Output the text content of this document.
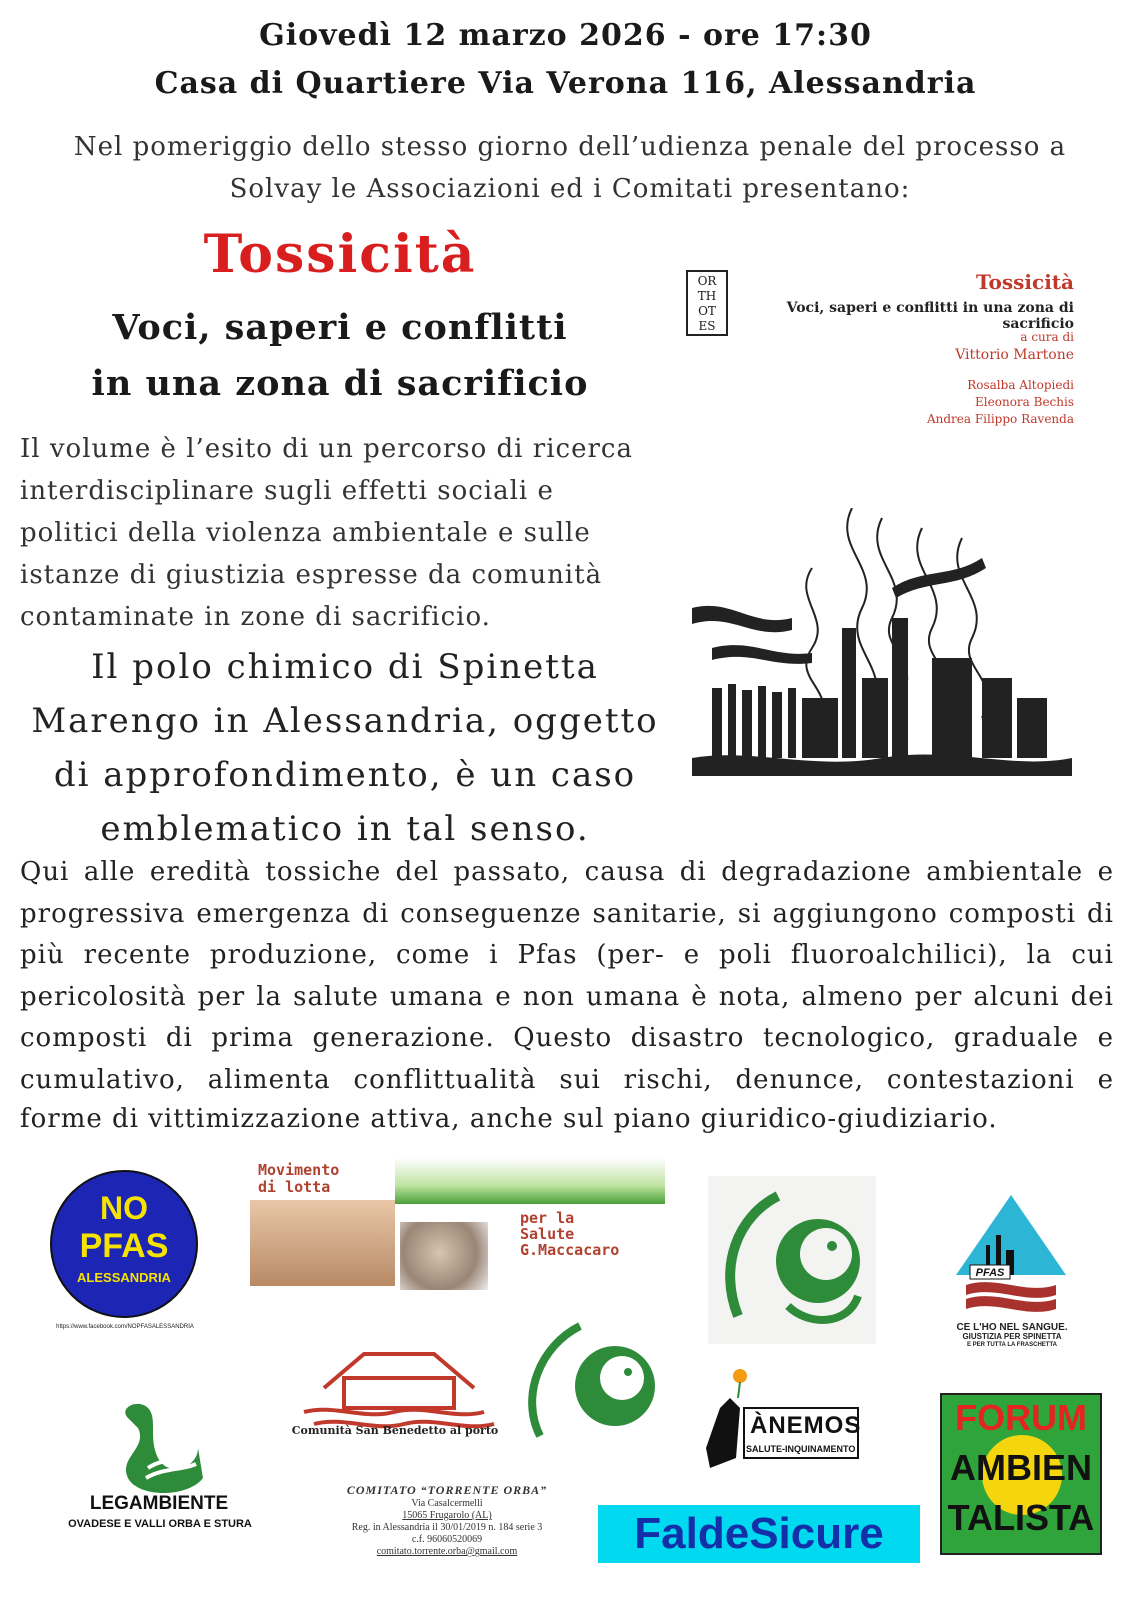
Giovedì 12 marzo 2026 - ore 17:30
Casa di Quartiere Via Verona 116, Alessandria
Nel pomeriggio dello stesso giorno dell’udienza penale del processo a Solvay le Associazioni ed i Comitati presentano:
Tossicità
Voci, saperi e conflitti
in una zona di sacrificio
Il volume è l’esito di un percorso di ricerca interdisciplinare sugli effetti sociali e politici della violenza ambientale e sulle istanze di giustizia espresse da comunità contaminate in zone di sacrificio.
Il polo chimico di Spinetta Marengo in Alessandria, oggetto di approfondimento, è un caso emblematico in tal senso.
Qui alle eredità tossiche del passato, causa di degradazione ambientale e progressiva emergenza di conseguenze sanitarie, si aggiungono composti di più recente produzione, come i Pfas (per- e poli fluoroalchilici), la cui pericolosità per la salute umana e non umana è nota, almeno per alcuni dei composti di prima generazione. Questo disastro tecnologico, graduale e cumulativo, alimenta conflittualità sui rischi, denunce, contestazioni e
forme di vittimizzazione attiva, anche sul piano giuridico-giudiziario.
OR
TH
OT
ES
Tossicità
Voci, saperi e conflitti in una zona di sacrificio
a cura di
Vittorio Martone
Rosalba Altopiedi
Eleonora Bechis
Andrea Filippo Ravenda
NO
PFAS
ALESSANDRIA
https://www.facebook.com/NOPFASALESSANDRIA
Movimento
di lotta
per la
Salute
G.Maccacaro
PFAS
CE L'HO NEL SANGUE.
GIUSTIZIA PER SPINETTA
E PER TUTTA LA FRASCHETTA
Comunità San Benedetto al porto	ÀNEMOS
SALUTE-INQUINAMENTO
FORUM
AMBIEN
TALISTA
LEGAMBIENTE
OVADESE E VALLI ORBA E STURA
COMITATO “TORRENTE ORBA”
Via Casalcermelli
15065 Frugarolo (AL)
Reg. in Alessandria il 30/01/2019 n. 184 serie 3
c.f. 96060520069
comitato.torrente.orba@gmail.com	FaldeSicure
